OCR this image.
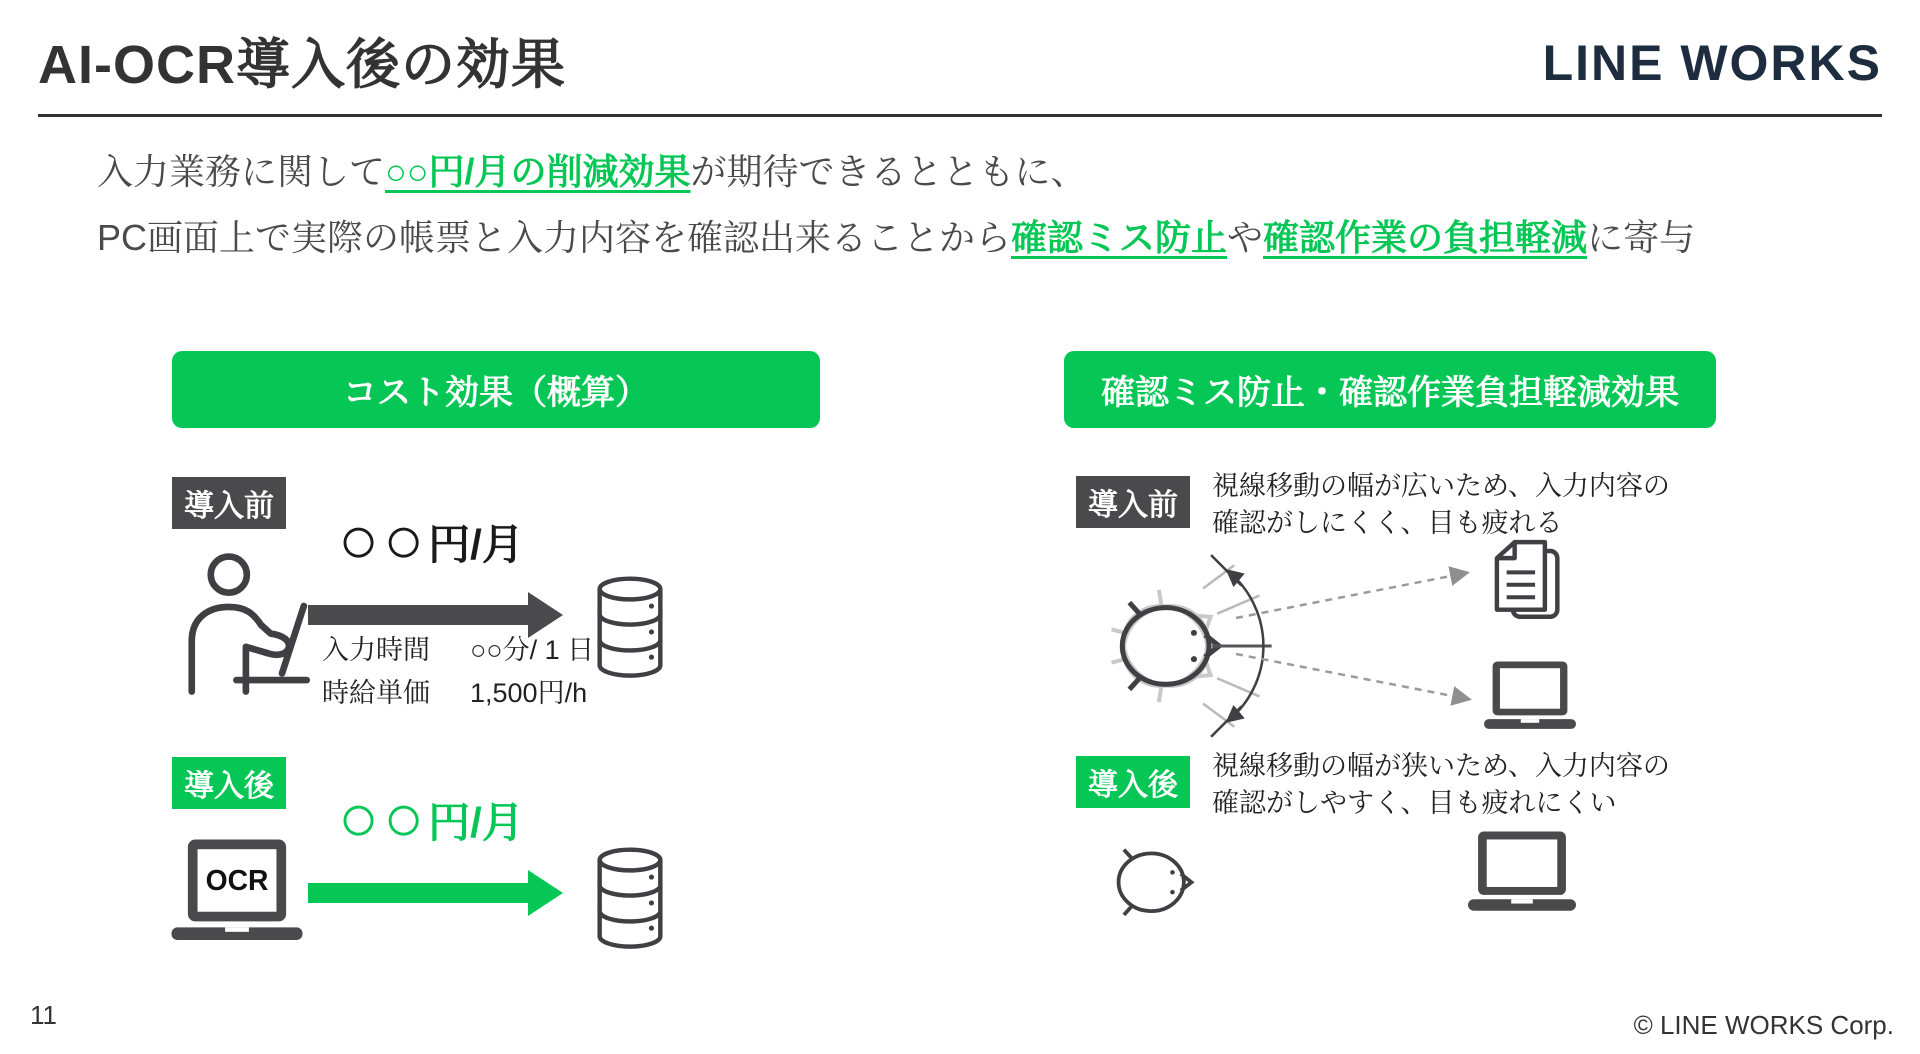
AI-OCR導入後の効果	LINE WORKS
入力業務に関して○○円/月の削減効果が期待できるとともに、
PC画面上で実際の帳票と入力内容を確認出来ることから確認ミス防止や確認作業の負担軽減に寄与
コスト効果（概算）	確認ミス防止・確認作業負担軽減効果
導入前 ○○ 円/月
入力時間 ○○分/ 1 日
時給単価 1,500円/h
導入後
OCR
○○ 円/月
導入前
視線移動の幅が広いため、入力内容の
確認がしにくく、目も疲れる
導入後
視線移動の幅が狭いため、入力内容の
確認がしやすく、目も疲れにくい
11	© LINE WORKS Corp.
